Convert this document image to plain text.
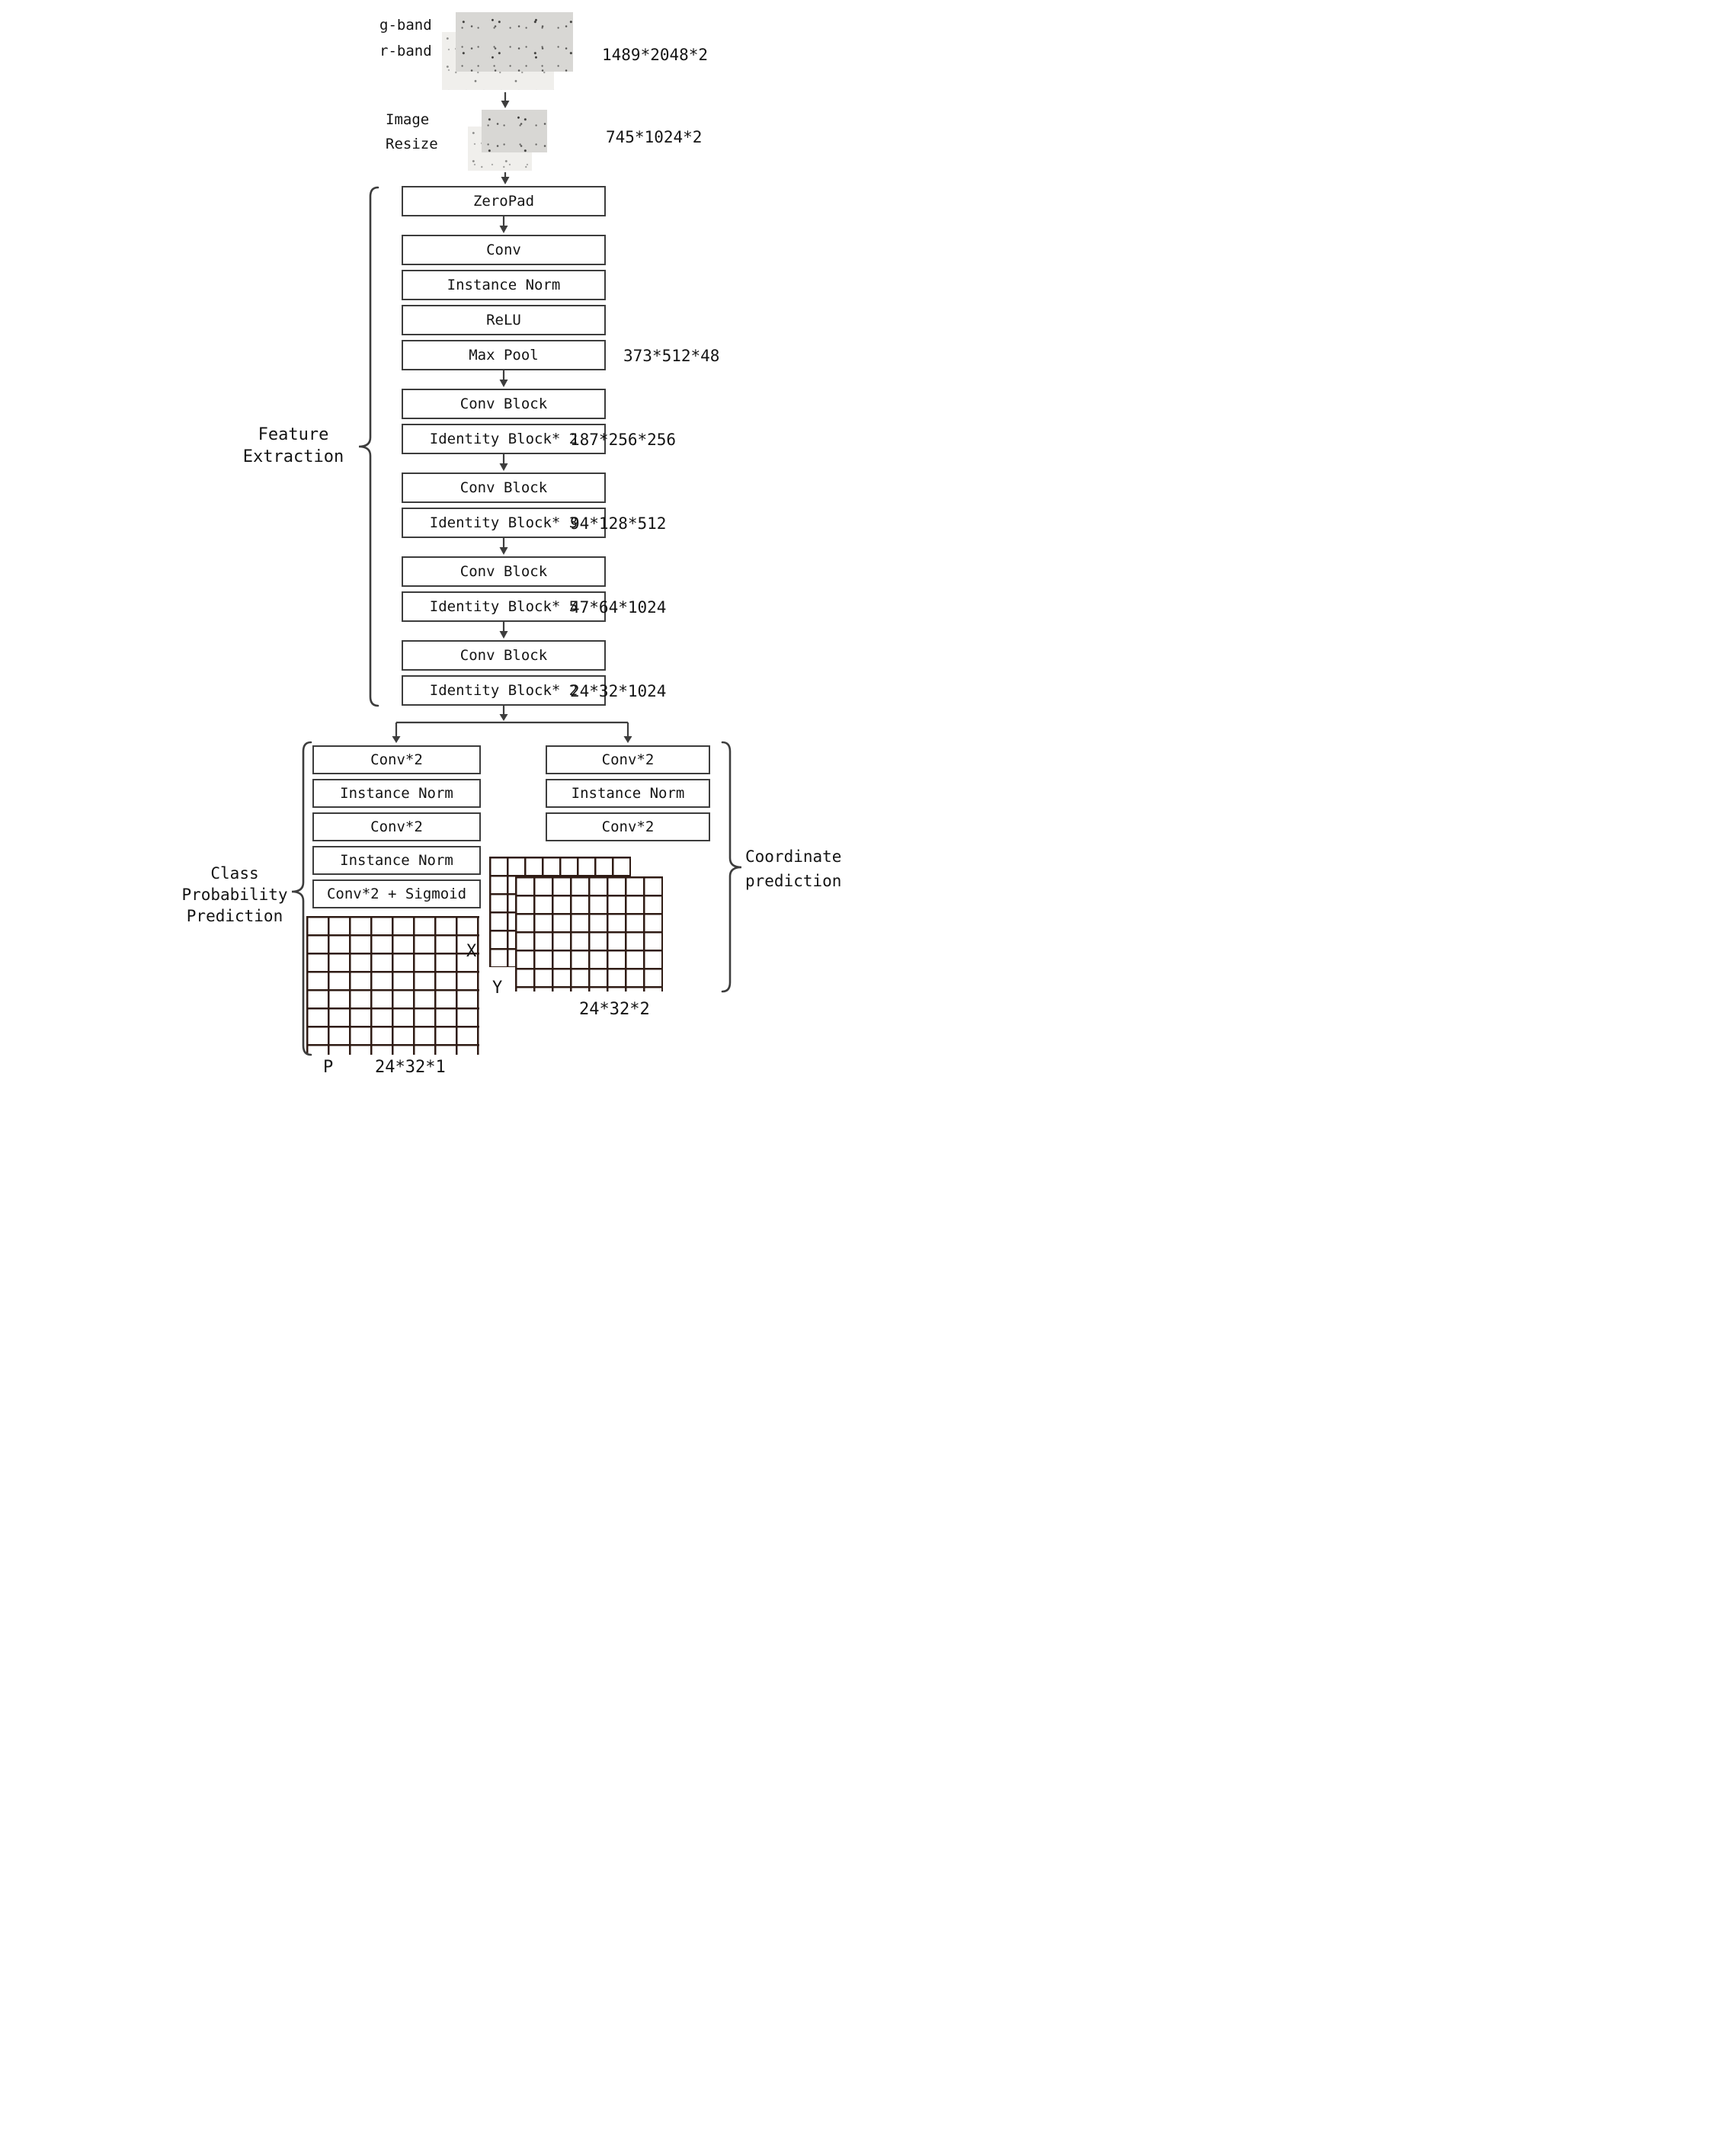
g-band
r-band	1489*2048*2
Image
Resize	745*1024*2
ZeroPad
Conv
Instance Norm
ReLU
Max Pool	373*512*48
Conv Block
Identity Block* 2
187*256*256
Conv Block
Identity Block* 3
94*128*512
Conv Block
Identity Block* 5
47*64*1024
Conv Block
Identity Block* 2
24*32*1024
Feature
Extraction
Conv*2
Instance Norm
Conv*2
Instance Norm
Conv*2 + Sigmoid
P 24*32*1
Class
Probability
Prediction
Conv*2
Instance Norm
Conv*2
X
Y
24*32*2
Coordinate
prediction
